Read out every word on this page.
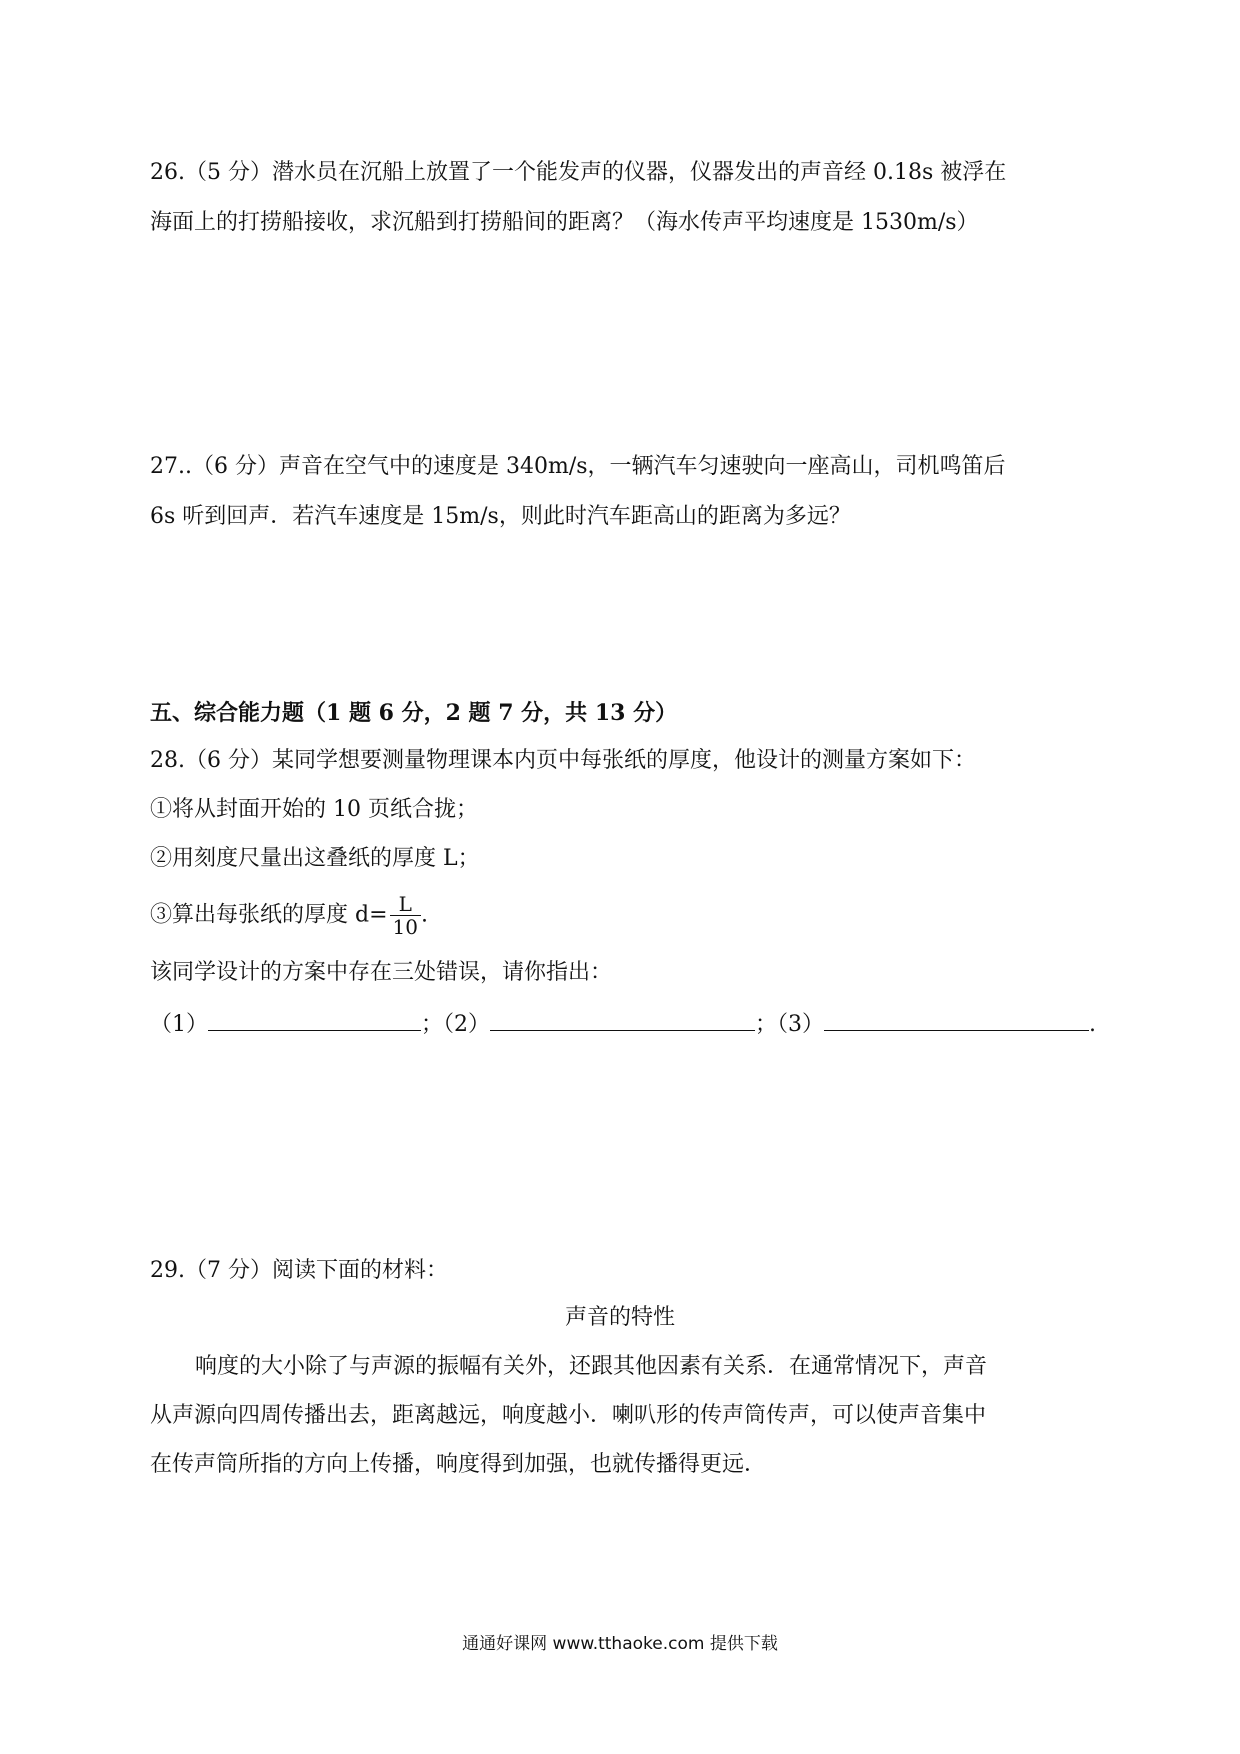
26.（5 分）潜水员在沉船上放置了一个能发声的仪器，仪器发出的声音经 0.18s 被浮在
海面上的打捞船接收，求沉船到打捞船间的距离？（海水传声平均速度是 1530m/s）
27..（6 分）声音在空气中的速度是 340m/s，一辆汽车匀速驶向一座高山，司机鸣笛后
6s 听到回声．若汽车速度是 15m/s，则此时汽车距高山的距离为多远？
五、综合能力题（1 题 6 分，2 题 7 分，共 13 分）
28.（6 分）某同学想要测量物理课本内页中每张纸的厚度，他设计的测量方案如下：
①将从封面开始的 10 页纸合拢；
②用刻度尺量出这叠纸的厚度 L；
③算出每张纸的厚度 $d= \frac{L}{10}$ .
该同学设计的方案中存在三处错误，请你指出：
（1）	；（2）	；（3）	.
29.（7 分）阅读下面的材料：
声音的特性
响度的大小除了与声源的振幅有关外，还跟其他因素有关系．在通常情况下，声音
从声源向四周传播出去，距离越远，响度越小．喇叭形的传声筒传声，可以使声音集中
在传声筒所指的方向上传播，响度得到加强，也就传播得更远．
通通好课网 www.tthaoke.com 提供下载
